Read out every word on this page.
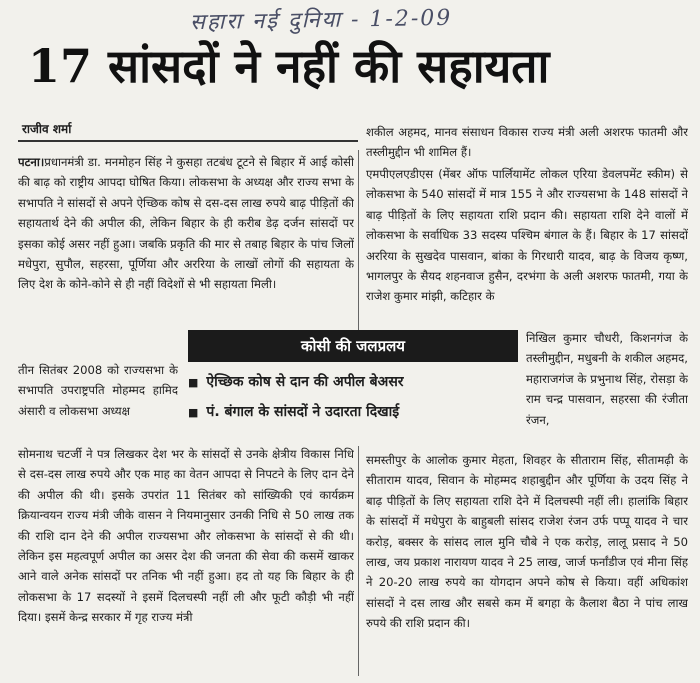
सहारा नई दुनिया - 1-2-09
17 सांसदों ने नहीं की सहायता
राजीव शर्मा
पटना।प्रधानमंत्री डा. मनमोहन सिंह ने कुसहा तटबंध टूटने से बिहार में आई कोसी की बाढ़ को राष्ट्रीय आपदा घोषित किया। लोकसभा के अध्यक्ष और राज्य सभा के सभापति ने सांसदों से अपने ऐच्छिक कोष से दस-दस लाख रुपये बाढ़ पीड़ितों की सहायतार्थ देने की अपील की, लेकिन बिहार के ही करीब डेढ़ दर्जन सांसदों पर इसका कोई असर नहीं हुआ। जबकि प्रकृति की मार से तबाह बिहार के पांच जिलों मधेपुरा, सुपौल, सहरसा, पूर्णिया और अररिया के लाखों लोगों की सहायता के लिए देश के कोने-कोने से ही नहीं विदेशों से भी सहायता मिली।
तीन सितंबर 2008 को राज्यसभा के सभापति उपराष्ट्रपति मोहम्मद हामिद अंसारी व लोकसभा अध्यक्ष
सोमनाथ चटर्जी ने पत्र लिखकर देश भर के सांसदों से उनके क्षेत्रीय विकास निधि से दस-दस लाख रुपये और एक माह का वेतन आपदा से निपटने के लिए दान देने की अपील की थी। इसके उपरांत 11 सितंबर को सांख्यिकी एवं कार्यक्रम क्रियान्वयन राज्य मंत्री जीके वासन ने नियमानुसार उनकी निधि से 50 लाख तक की राशि दान देने की अपील राज्यसभा और लोकसभा के सांसदों से की थी। लेकिन इस महत्वपूर्ण अपील का असर देश की जनता की सेवा की कसमें खाकर आने वाले अनेक सांसदों पर तनिक भी नहीं हुआ। हद तो यह कि बिहार के ही लोकसभा के 17 सदस्यों ने इसमें दिलचस्पी नहीं ली और फूटी कौड़ी भी नहीं दिया। इसमें केन्द्र सरकार में गृह राज्य मंत्री
शकील अहमद, मानव संसाधन विकास राज्य मंत्री अली अशरफ फातमी और तस्लीमुद्दीन भी शामिल हैं।
एमपीएलएडीएस (मेंबर ऑफ पार्लियामेंट लोकल एरिया डेवलपमेंट स्कीम) से लोकसभा के 540 सांसदों में मात्र 155 ने और राज्यसभा के 148 सांसदों ने बाढ़ पीड़ितों के लिए सहायता राशि प्रदान की। सहायता राशि देने वालों में लोकसभा के सर्वाधिक 33 सदस्य पश्चिम बंगाल के हैं। बिहार के 17 सांसदों अररिया के सुखदेव पासवान, बांका के गिरधारी यादव, बाढ़ के विजय कृष्ण, भागलपुर के सैयद शहनवाज हुसैन, दरभंगा के अली अशरफ फातमी, गया के राजेश कुमार मांझी, कटिहार के
निखिल कुमार चौधरी, किशनगंज के तस्लीमुद्दीन, मधुबनी के शकील अहमद, महाराजगंज के प्रभुनाथ सिंह, रोसड़ा के राम चन्द्र पासवान, सहरसा की रंजीता रंजन,
समस्तीपुर के आलोक कुमार मेहता, शिवहर के सीताराम सिंह, सीतामढ़ी के सीताराम यादव, सिवान के मोहम्मद शहाबुद्दीन और पूर्णिया के उदय सिंह ने बाढ़ पीड़ितों के लिए सहायता राशि देने में दिलचस्पी नहीं ली। हालांकि बिहार के सांसदों में मधेपुरा के बाहुबली सांसद राजेश रंजन उर्फ पप्पू यादव ने चार करोड़, बक्सर के सांसद लाल मुनि चौबे ने एक करोड़, लालू प्रसाद ने 50 लाख, जय प्रकाश नारायण यादव ने 25 लाख, जार्ज फर्नांडीज एवं मीना सिंह ने 20-20 लाख रुपये का योगदान अपने कोष से किया। वहीं अधिकांश सांसदों ने दस लाख और सबसे कम में बगहा के कैलाश बैठा ने पांच लाख रुपये की राशि प्रदान की।
कोसी की जलप्रलय
■ ऐच्छिक कोष से दान की अपील बेअसर
■ पं. बंगाल के सांसदों ने उदारता दिखाई
